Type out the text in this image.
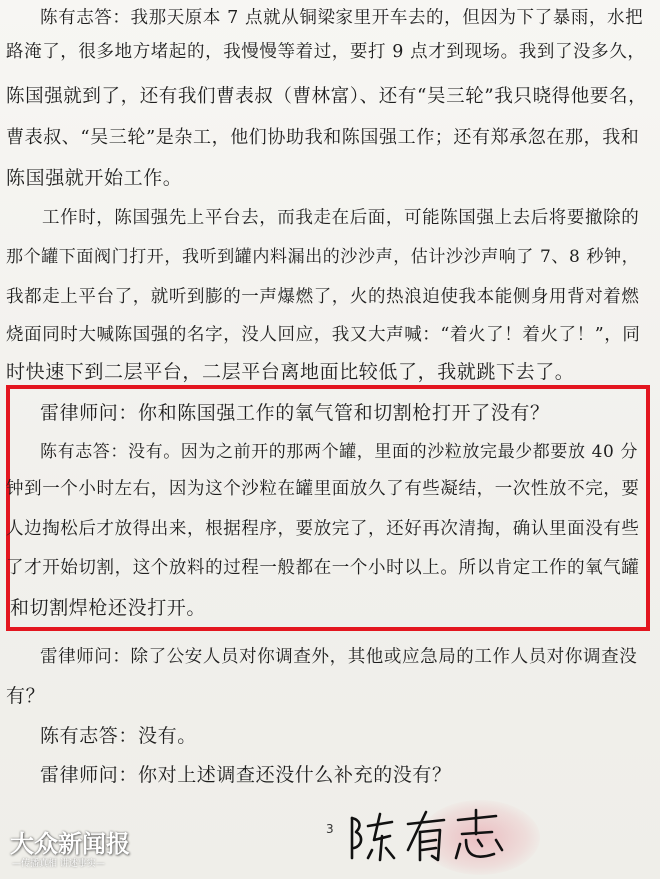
陈有志答：我那天原本 7 点就从铜梁家里开车去的，但因为下了暴雨，水把
路淹了，很多地方堵起的，我慢慢等着过，要打 9 点才到现场。我到了没多久，
陈国强就到了，还有我们曹表叔（曹林富）、还有“吴三轮”我只晓得他要名，
曹表叔、“吴三轮”是杂工，他们协助我和陈国强工作；还有郑承忽在那，我和
陈国强就开始工作。
工作时，陈国强先上平台去，而我走在后面，可能陈国强上去后将要撤除的
那个罐下面阀门打开，我听到罐内料漏出的沙沙声，估计沙沙声响了 7、8 秒钟，
我都走上平台了，就听到膨的一声爆燃了，火的热浪迫使我本能侧身用背对着燃
烧面同时大喊陈国强的名字，没人回应，我又大声喊：“着火了！着火了！”，同
时快速下到二层平台，二层平台离地面比较低了，我就跳下去了。
雷律师问：你和陈国强工作的氧气管和切割枪打开了没有？
陈有志答：没有。因为之前开的那两个罐，里面的沙粒放完最少都要放 40 分
钟到一个小时左右，因为这个沙粒在罐里面放久了有些凝结，一次性放不完，要
人边掏松后才放得出来，根据程序，要放完了，还好再次清掏，确认里面没有些
了才开始切割，这个放料的过程一般都在一个小时以上。所以肯定工作的氧气罐
和切割焊枪还没打开。
雷律师问：除了公安人员对你调查外，其他或应急局的工作人员对你调查没
有？
陈有志答：没有。
雷律师问：你对上述调查还没什么补充的没有？
3
大众新闻报
—传播真相 讲述事实—
